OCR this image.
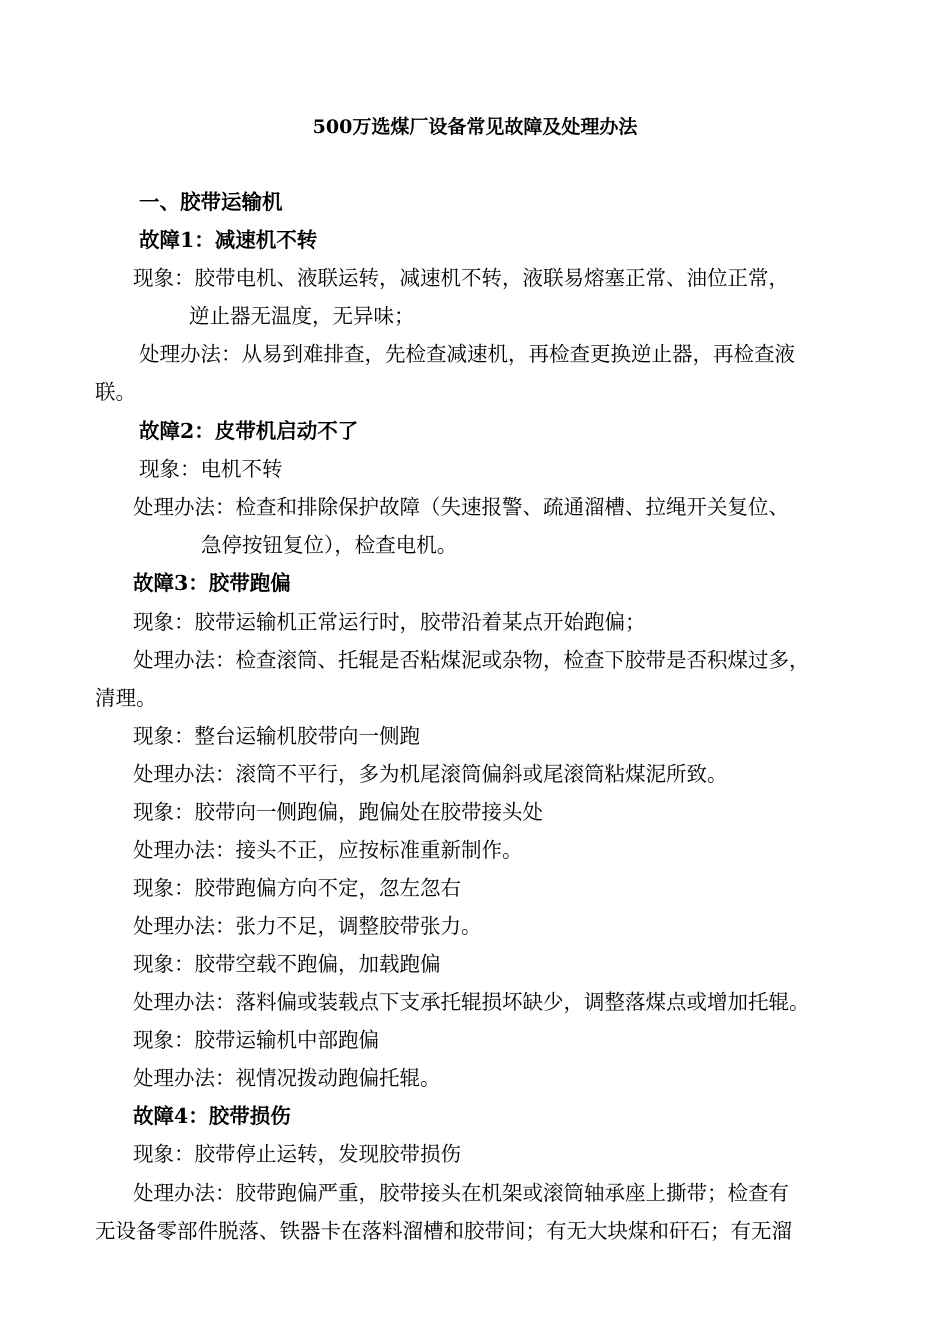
500万选煤厂设备常见故障及处理办法
一、胶带运输机
故障1：减速机不转
现象：胶带电机、液联运转，减速机不转，液联易熔塞正常、油位正常，
逆止器无温度，无异味；
处理办法：从易到难排查，先检查减速机，再检查更换逆止器，再检查液
联。
故障2：皮带机启动不了
现象：电机不转
处理办法：检查和排除保护故障（失速报警、疏通溜槽、拉绳开关复位、
急停按钮复位），检查电机。
故障3：胶带跑偏
现象：胶带运输机正常运行时，胶带沿着某点开始跑偏；
处理办法：检查滚筒、托辊是否粘煤泥或杂物，检查下胶带是否积煤过多，
清理。
现象：整台运输机胶带向一侧跑
处理办法：滚筒不平行，多为机尾滚筒偏斜或尾滚筒粘煤泥所致。
现象：胶带向一侧跑偏，跑偏处在胶带接头处
处理办法：接头不正，应按标准重新制作。
现象：胶带跑偏方向不定，忽左忽右
处理办法：张力不足，调整胶带张力。
现象：胶带空载不跑偏，加载跑偏
处理办法：落料偏或装载点下支承托辊损坏缺少，调整落煤点或增加托辊。
现象：胶带运输机中部跑偏
处理办法：视情况拨动跑偏托辊。
故障4：胶带损伤
现象：胶带停止运转，发现胶带损伤
处理办法：胶带跑偏严重，胶带接头在机架或滚筒轴承座上撕带；检查有
无设备零部件脱落、铁器卡在落料溜槽和胶带间；有无大块煤和矸石；有无溜
